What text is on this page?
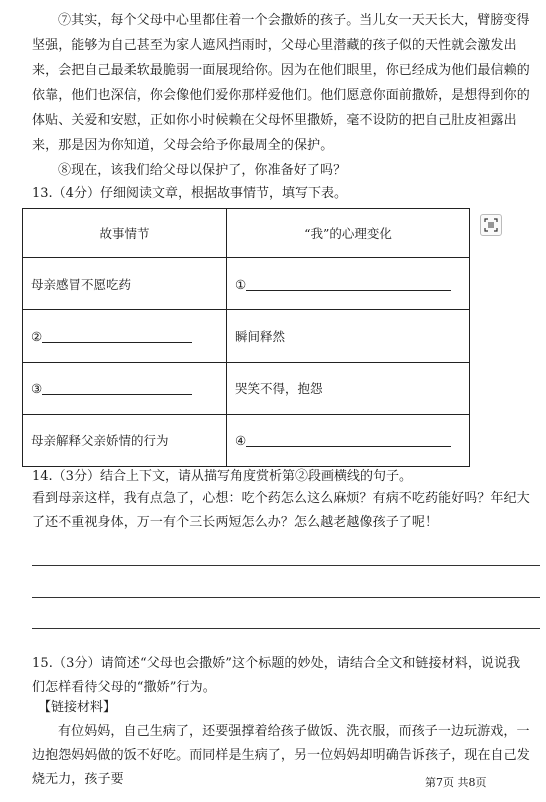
⑦其实，每个父母中心里都住着一个会撒娇的孩子。当儿女一天天长大，臂膀变得坚强，能够为自己甚至为家人遮风挡雨时，父母心里潜藏的孩子似的天性就会激发出来，会把自己最柔软最脆弱一面展现给你。因为在他们眼里，你已经成为他们最信赖的依靠，他们也深信，你会像他们爱你那样爱他们。他们愿意你面前撒娇，是想得到你的体贴、关爱和安慰，正如你小时候赖在父母怀里撒娇，毫不设防的把自己肚皮袒露出来，那是因为你知道，父母会给予你最周全的保护。

⑧现在，该我们给父母以保护了，你准备好了吗？

13.（4分）仔细阅读文章，根据故事情节，填写下表。
故事情节	“我”的心理变化
母亲感冒不愿吃药	①
②	瞬间释然
③	哭笑不得，抱怨
母亲解释父亲娇情的行为	④
14.（3分）结合上下文，请从描写角度赏析第②段画横线的句子。

看到母亲这样，我有点急了，心想：吃个药怎么这么麻烦？有病不吃药能好吗？年纪大了还不重视身体，万一有个三长两短怎么办？怎么越老越像孩子了呢！

15.（3分）请简述“父母也会撒娇”这个标题的妙处，请结合全文和链接材料，说说我们怎样看待父母的“撒娇”行为。

【链接材料】

有位妈妈，自己生病了，还要强撑着给孩子做饭、洗衣服，而孩子一边玩游戏，一边抱怨妈妈做的饭不好吃。而同样是生病了，另一位妈妈却明确告诉孩子，现在自己发烧无力，孩子要	第7页 共8页
